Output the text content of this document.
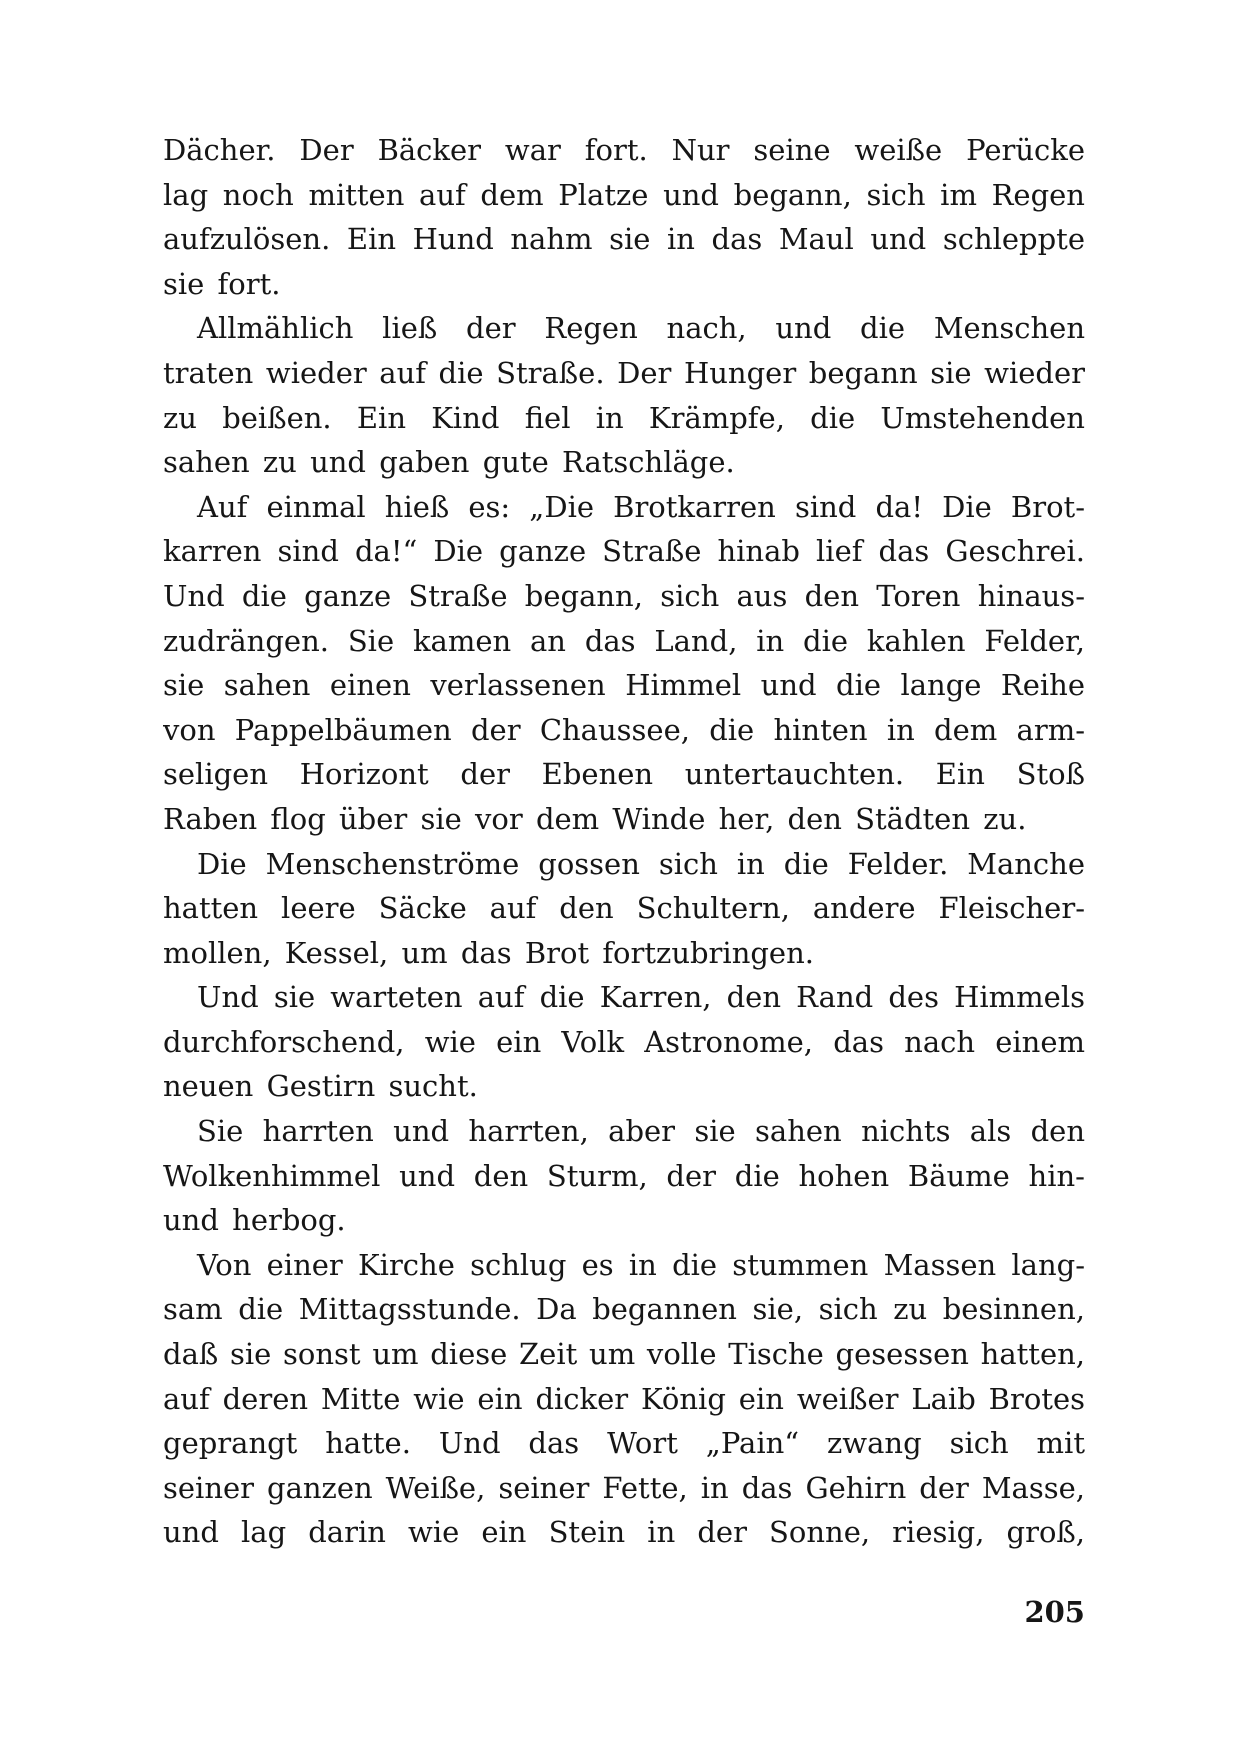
Dächer. Der Bäcker war fort. Nur seine weiße Perücke
lag noch mitten auf dem Platze und begann, sich im Regen
aufzulösen. Ein Hund nahm sie in das Maul und schleppte
sie fort.

Allmählich ließ der Regen nach, und die Menschen
traten wieder auf die Straße. Der Hunger begann sie wieder
zu beißen. Ein Kind fiel in Krämpfe, die Umstehenden
sahen zu und gaben gute Ratschläge.

Auf einmal hieß es: „Die Brotkarren sind da! Die Brot-
karren sind da!“ Die ganze Straße hinab lief das Geschrei.
Und die ganze Straße begann, sich aus den Toren hinaus-
zudrängen. Sie kamen an das Land, in die kahlen Felder,
sie sahen einen verlassenen Himmel und die lange Reihe
von Pappelbäumen der Chaussee, die hinten in dem arm-
seligen Horizont der Ebenen untertauchten. Ein Stoß
Raben flog über sie vor dem Winde her, den Städten zu.

Die Menschenströme gossen sich in die Felder. Manche
hatten leere Säcke auf den Schultern, andere Fleischer-
mollen, Kessel, um das Brot fortzubringen.

Und sie warteten auf die Karren, den Rand des Himmels
durchforschend, wie ein Volk Astronome, das nach einem
neuen Gestirn sucht.

Sie harrten und harrten, aber sie sahen nichts als den
Wolkenhimmel und den Sturm, der die hohen Bäume hin-
und herbog.

Von einer Kirche schlug es in die stummen Massen lang-
sam die Mittagsstunde. Da begannen sie, sich zu besinnen,
daß sie sonst um diese Zeit um volle Tische gesessen hatten,
auf deren Mitte wie ein dicker König ein weißer Laib Brotes
geprangt hatte. Und das Wort „Pain“ zwang sich mit
seiner ganzen Weiße, seiner Fette, in das Gehirn der Masse,
und lag darin wie ein Stein in der Sonne, riesig, groß,

205
